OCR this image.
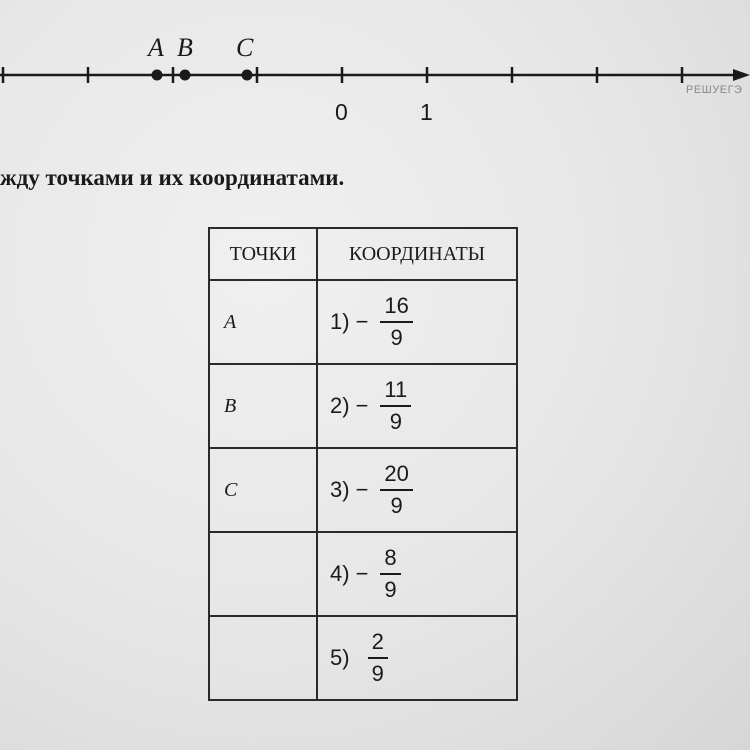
A B C
0	1
РЕШУЕГЭ

жду точками и их координатами.

ТОЧКИ	КООРДИНАТЫ

A	$1) - \frac{16}{9}$

B	$2) - \frac{11}{9}$

C	$3) - \frac{20}{9}$

	$4) - \frac{8}{9}$

	$5) \frac{2}{9}$
